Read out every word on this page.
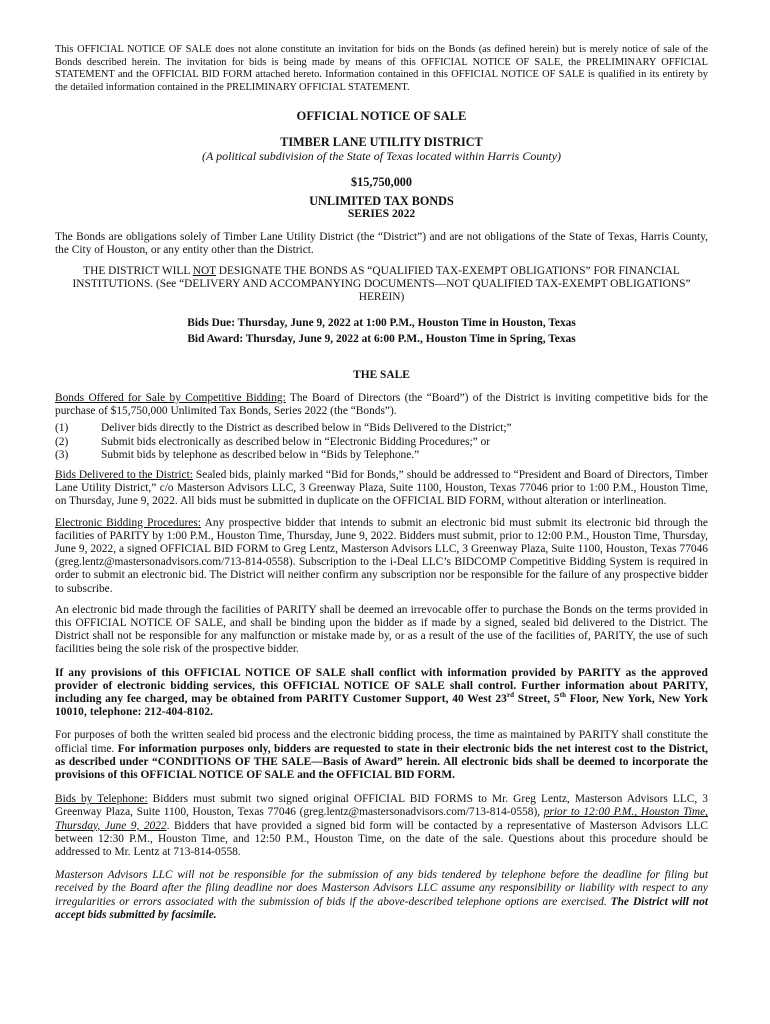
This OFFICIAL NOTICE OF SALE does not alone constitute an invitation for bids on the Bonds (as defined herein) but is merely notice of sale of the Bonds described herein. The invitation for bids is being made by means of this OFFICIAL NOTICE OF SALE, the PRELIMINARY OFFICIAL STATEMENT and the OFFICIAL BID FORM attached hereto. Information contained in this OFFICIAL NOTICE OF SALE is qualified in its entirety by the detailed information contained in the PRELIMINARY OFFICIAL STATEMENT.

OFFICIAL NOTICE OF SALE
TIMBER LANE UTILITY DISTRICT
(A political subdivision of the State of Texas located within Harris County)
$15,750,000
UNLIMITED TAX BONDS
SERIES 2022

The Bonds are obligations solely of Timber Lane Utility District (the “District”) and are not obligations of the State of Texas, Harris County, the City of Houston, or any entity other than the District.

THE DISTRICT WILL NOT DESIGNATE THE BONDS AS “QUALIFIED TAX-EXEMPT OBLIGATIONS” FOR FINANCIAL INSTITUTIONS. (See “DELIVERY AND ACCOMPANYING DOCUMENTS—NOT QUALIFIED TAX-EXEMPT OBLIGATIONS” HEREIN)

Bids Due: Thursday, June 9, 2022 at 1:00 P.M., Houston Time in Houston, Texas
Bid Award: Thursday, June 9, 2022 at 6:00 P.M., Houston Time in Spring, Texas
THE SALE

Bonds Offered for Sale by Competitive Bidding: The Board of Directors (the “Board”) of the District is inviting competitive bids for the purchase of $15,750,000 Unlimited Tax Bonds, Series 2022 (the “Bonds”).

(1)	Deliver bids directly to the District as described below in “Bids Delivered to the District;”
(2)	Submit bids electronically as described below in “Electronic Bidding Procedures;” or
(3)	Submit bids by telephone as described below in “Bids by Telephone.”

Bids Delivered to the District: Sealed bids, plainly marked “Bid for Bonds,” should be addressed to “President and Board of Directors, Timber Lane Utility District,” c/o Masterson Advisors LLC, 3 Greenway Plaza, Suite 1100, Houston, Texas 77046 prior to 1:00 P.M., Houston Time, on Thursday, June 9, 2022. All bids must be submitted in duplicate on the OFFICIAL BID FORM, without alteration or interlineation.

Electronic Bidding Procedures: Any prospective bidder that intends to submit an electronic bid must submit its electronic bid through the facilities of PARITY by 1:00 P.M., Houston Time, Thursday, June 9, 2022. Bidders must submit, prior to 12:00 P.M., Houston Time, Thursday, June 9, 2022, a signed OFFICIAL BID FORM to Greg Lentz, Masterson Advisors LLC, 3 Greenway Plaza, Suite 1100, Houston, Texas 77046 (greg.lentz@mastersonadvisors.com/713-814-0558). Subscription to the i-Deal LLC’s BIDCOMP Competitive Bidding System is required in order to submit an electronic bid. The District will neither confirm any subscription nor be responsible for the failure of any prospective bidder to subscribe.

An electronic bid made through the facilities of PARITY shall be deemed an irrevocable offer to purchase the Bonds on the terms provided in this OFFICIAL NOTICE OF SALE, and shall be binding upon the bidder as if made by a signed, sealed bid delivered to the District. The District shall not be responsible for any malfunction or mistake made by, or as a result of the use of the facilities of, PARITY, the use of such facilities being the sole risk of the prospective bidder.

If any provisions of this OFFICIAL NOTICE OF SALE shall conflict with information provided by PARITY as the approved provider of electronic bidding services, this OFFICIAL NOTICE OF SALE shall control. Further information about PARITY, including any fee charged, may be obtained from PARITY Customer Support, 40 West 23rd Street, 5th Floor, New York, New York 10010, telephone: 212-404-8102.

For purposes of both the written sealed bid process and the electronic bidding process, the time as maintained by PARITY shall constitute the official time. For information purposes only, bidders are requested to state in their electronic bids the net interest cost to the District, as described under “CONDITIONS OF THE SALE—Basis of Award” herein. All electronic bids shall be deemed to incorporate the provisions of this OFFICIAL NOTICE OF SALE and the OFFICIAL BID FORM.

Bids by Telephone: Bidders must submit two signed original OFFICIAL BID FORMS to Mr. Greg Lentz, Masterson Advisors LLC, 3 Greenway Plaza, Suite 1100, Houston, Texas 77046 (greg.lentz@mastersonadvisors.com/713-814-0558), prior to 12:00 P.M., Houston Time, Thursday, June 9, 2022. Bidders that have provided a signed bid form will be contacted by a representative of Masterson Advisors LLC between 12:30 P.M., Houston Time, and 12:50 P.M., Houston Time, on the date of the sale. Questions about this procedure should be addressed to Mr. Lentz at 713-814-0558.

Masterson Advisors LLC will not be responsible for the submission of any bids tendered by telephone before the deadline for filing but received by the Board after the filing deadline nor does Masterson Advisors LLC assume any responsibility or liability with respect to any irregularities or errors associated with the submission of bids if the above-described telephone options are exercised. The District will not accept bids submitted by facsimile.
